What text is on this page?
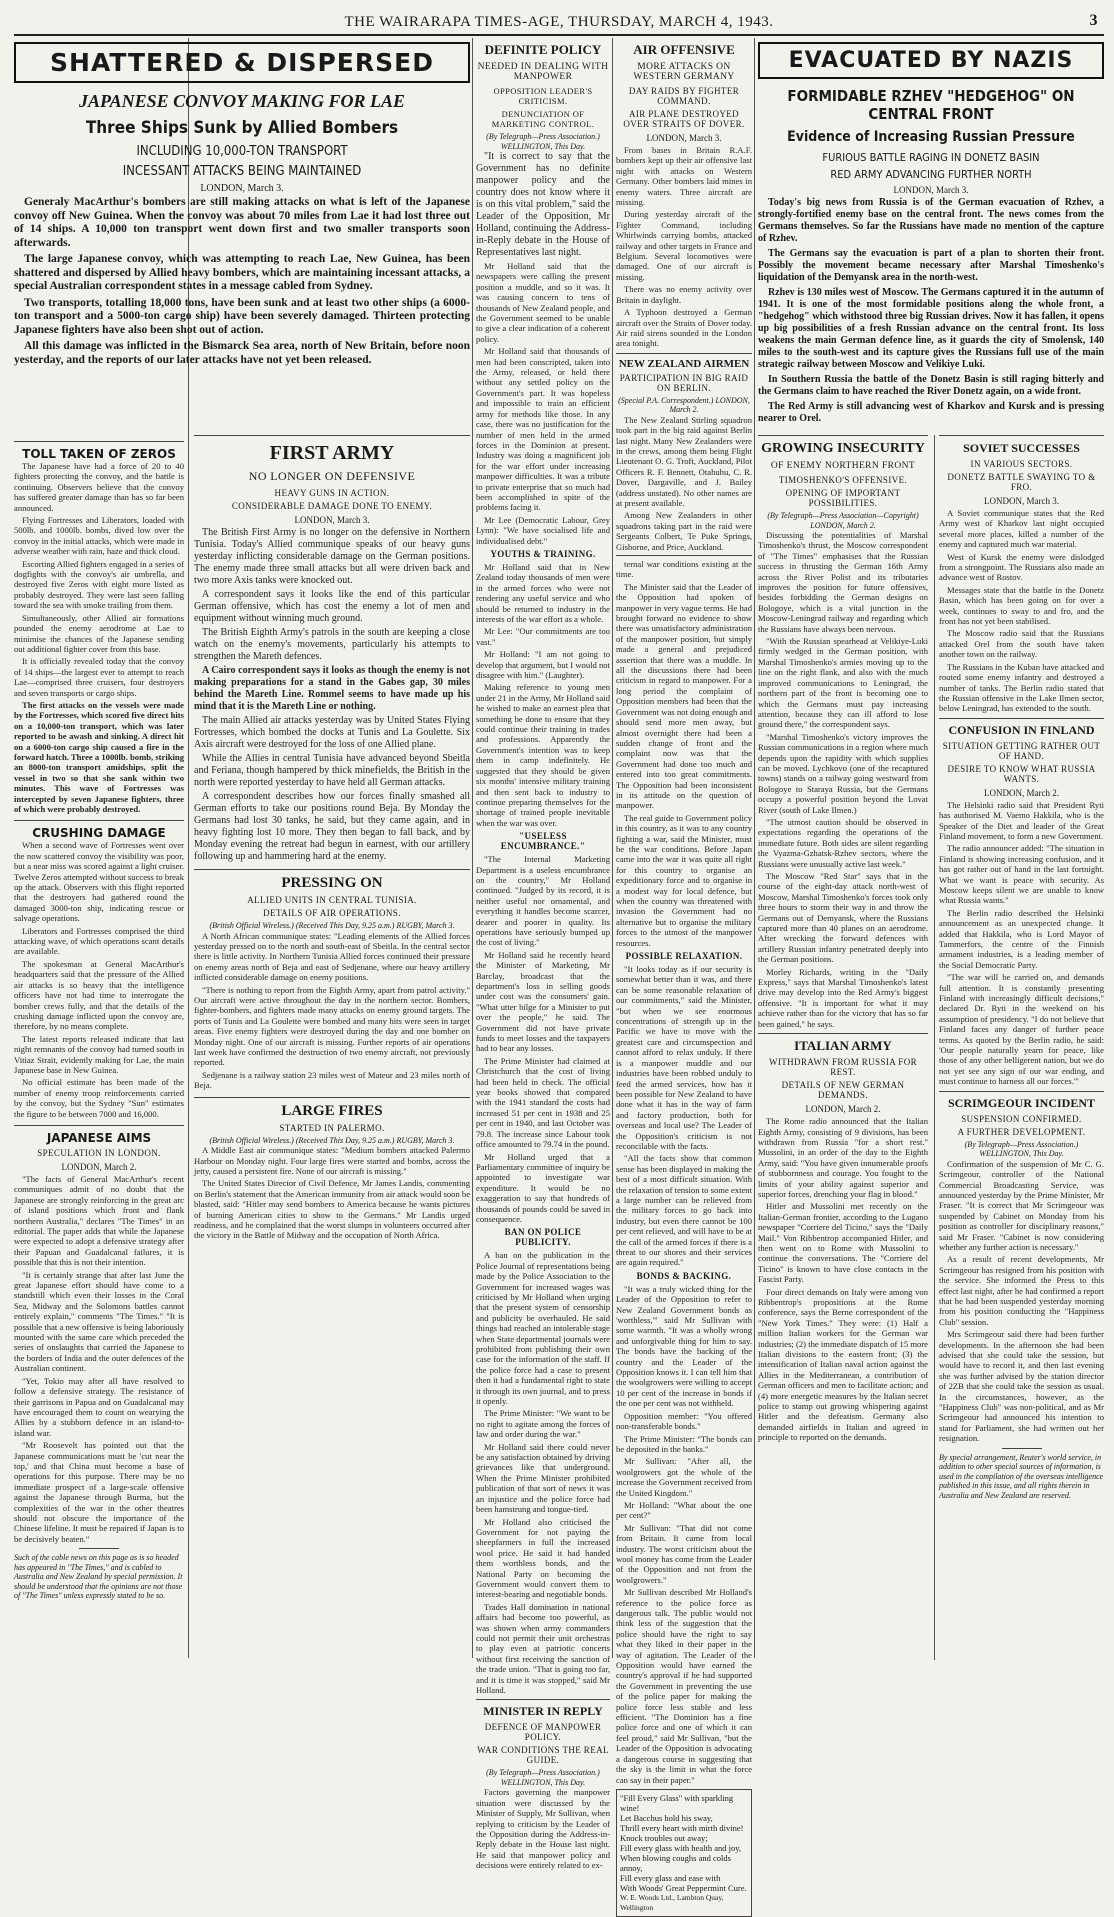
THE WAIRARAPA TIMES-AGE, THURSDAY, MARCH 4, 1943.	3
SHATTERED & DISPERSED
JAPANESE CONVOY MAKING FOR LAE
Three Ships Sunk by Allied Bombers
INCLUDING 10,000-TON TRANSPORT
INCESSANT ATTACKS BEING MAINTAINED
LONDON, March 3.

Generaly MacArthur's bombers are still making attacks on what is left of the Japanese convoy off New Guinea. When the convoy was about 70 miles from Lae it had lost three out of 14 ships. A 10,000 ton transport went down first and two smaller transports soon afterwards.

The large Japanese convoy, which was attempting to reach Lae, New Guinea, has been shattered and dispersed by Allied heavy bombers, which are maintaining incessant attacks, a special Australian correspondent states in a message cabled from Sydney.

Two transports, totalling 18,000 tons, have been sunk and at least two other ships (a 6000-ton transport and a 5000-ton cargo ship) have been severely damaged. Thirteen protecting Japanese fighters have also been shot out of action.

All this damage was inflicted in the Bismarck Sea area, north of New Britain, before noon yesterday, and the reports of our later attacks have not yet been released.

TOLL TAKEN OF ZEROS

The Japanese have had a force of 20 to 40 fighters protecting the convoy, and the battle is continuing. Observers believe that the convoy has suffered greater damage than has so far been announced.

Flying Fortresses and Liberators, loaded with 500lb. and 1000lb. bombs, dived low over the convoy in the initial attacks, which were made in adverse weather with rain, haze and thick cloud.

Escorting Allied fighters engaged in a series of dogfights with the convoy's air umbrella, and destroyed five Zeros with eight more listed as probably destroyed. They were last seen falling toward the sea with smoke trailing from them.

Simultaneously, other Allied air formations pounded the enemy aerodrome at Lae to minimise the chances of the Japanese sending out additional fighter cover from this base.

It is officially revealed today that the convoy of 14 ships—the largest ever to attempt to reach Lae—comprised three cruisers, four destroyers and seven transports or cargo ships.

The first attacks on the vessels were made by the Fortresses, which scored five direct hits on a 10,000-ton transport, which was later reported to be awash and sinking. A direct hit on a 6000-ton cargo ship caused a fire in the forward hatch. Three a 1000lb. bomb, striking an 8000-ton transport amidships, split the vessel in two so that she sank within two minutes. This wave of Fortresses was intercepted by seven Japanese fighters, three of which were probably destroyed.

CRUSHING DAMAGE

When a second wave of Fortresses went over the now scattered convoy the visibility was poor, but a near miss was scored against a light cruiser. Twelve Zeros attempted without success to break up the attack. Observers with this flight reported that the destroyers had gathered round the damaged 3000-ton ship, indicating rescue or salvage operations.

Liberators and Fortresses comprised the third attacking wave, of which operations scant details are available.

The spokesman at General MacArthur's headquarters said that the pressure of the Allied air attacks is so heavy that the intelligence officers have not had time to interrogate the bomber crews fully, and that the details of the crushing damage inflicted upon the convoy are, therefore, by no means complete.

The latest reports released indicate that last night remnants of the convoy had turned south in Vitiaz Strait, evidently making for Lae, the main Japanese base in New Guinea.

No official estimate has been made of the number of enemy troop reinforcements carried by the convoy, but the Sydney "Sun" estimates the figure to be between 7000 and 16,000.

JAPANESE AIMS
SPECULATION IN LONDON.
LONDON, March 2.

"The facts of General MacArthur's recent communiques admit of no doubt that the Japanese are strongly reinforcing in the great arc of island positions which front and flank northern Australia," declares "The Times" in an editorial. The paper adds that while the Japanese were expected to adopt a defensive strategy after their Papuan and Guadalcanal failures, it is possible that this is not their intention.

"It is certainly strange that after last June the great Japanese effort should have come to a standstill which even their losses in the Coral Sea, Midway and the Solomons battles cannot entirely explain," comments "The Times." "It is possible that a new offensive is being laboriously mounted with the same care which preceded the series of onslaughts that carried the Japanese to the borders of India and the outer defences of the Australian continent.

"Yet, Tokio may after all have resolved to follow a defensive strategy. The resistance of their garrisons in Papua and on Guadalcanal may have encouraged them to count on wearying the Allies by a stubborn defence in an island-to-island war.

"Mr Roosevelt has pointed out that the Japanese communications must be 'cut near the top,' and that China must become a base of operations for this purpose. There may be no immediate prospect of a large-scale offensive against the Japanese through Burma, but the complexities of the war in the other theatres should not obscure the importance of the Chinese lifeline. It must be repaired if Japan is to be decisively beaten."

Such of the cable news on this page as is so headed has appeared in "The Times," and is cabled to Australia and New Zealand by special permission. It should be understood that the opinions are not those of "The Times" unless expressly stated to be so.
FIRST ARMY
NO LONGER ON DEFENSIVE
HEAVY GUNS IN ACTION.
CONSIDERABLE DAMAGE DONE TO ENEMY.
LONDON, March 3.

The British First Army is no longer on the defensive in Northern Tunisia. Today's Allied communique speaks of our heavy guns yesterday inflicting considerable damage on the German positions. The enemy made three small attacks but all were driven back and two more Axis tanks were knocked out.

A correspondent says it looks like the end of this particular German offensive, which has cost the enemy a lot of men and equipment without winning much ground.

The British Eighth Army's patrols in the south are keeping a close watch on the enemy's movements, particularly his attempts to strengthen the Mareth defences.

A Cairo correspondent says it looks as though the enemy is not making preparations for a stand in the Gabes gap, 30 miles behind the Mareth Line. Rommel seems to have made up his mind that it is the Mareth Line or nothing.

The main Allied air attacks yesterday was by United States Flying Fortresses, which bombed the docks at Tunis and La Goulette. Six Axis aircraft were destroyed for the loss of one Allied plane.

While the Allies in central Tunisia have advanced beyond Sbeitla and Feriana, though hampered by thick minefields, the British in the north were reported yesterday to have held all German attacks.

A correspondent describes how our forces finally smashed all German efforts to take our positions round Beja. By Monday the Germans had lost 30 tanks, he said, but they came again, and in heavy fighting lost 10 more. They then began to fall back, and by Monday evening the retreat had begun in earnest, with our artillery following up and hammering hard at the enemy.

PRESSING ON
ALLIED UNITS IN CENTRAL TUNISIA.
DETAILS OF AIR OPERATIONS.
(British Official Wireless.) (Received This Day, 9.25 a.m.) RUGBY, March 3.

A North African communique states: "Leading elements of the Allied forces yesterday pressed on to the north and south-east of Sbeitla. In the central sector there is little activity. In Northern Tunisia Allied forces continued their pressure on enemy areas north of Beja and east of Sedjenane, where our heavy artillery inflicted considerable damage on enemy positions.

"There is nothing to report from the Eighth Army, apart from patrol activity." Our aircraft were active throughout the day in the northern sector. Bombers, fighter-bombers, and fighters made many attacks on enemy ground targets. The ports of Tunis and La Goulette were bombed and many hits were seen in target areas. Five enemy fighters were destroyed during the day and one bomber on Monday night. One of our aircraft is missing. Further reports of air operations last week have confirmed the destruction of two enemy aircraft, not previously reported.

Sedjenane is a railway station 23 miles west of Mateur and 23 miles north of Beja.

LARGE FIRES
STARTED IN PALERMO.
(British Official Wireless.) (Received This Day, 9.25 a.m.) RUGBY, March 3.

A Middle East air communique states: "Medium bombers attacked Palermo Harbour on Monday night. Four large fires were started and bombs, across the jetty, caused a persistent fire. None of our aircraft is missing."

The United States Director of Civil Defence, Mr James Landis, commenting on Berlin's statement that the American immunity from air attack would soon be blasted, said: "Hitler may send bombers to America because he wants pictures of burning American cities to show to the Germans." Mr Landis urged readiness, and he complained that the worst slumps in volunteers occurred after the victory in the Battle of Midway and the occupation of North Africa.

DEFINITE POLICY
NEEDED IN DEALING WITH MANPOWER
OPPOSITION LEADER'S CRITICISM.
DENUNCIATION OF MARKETING CONTROL.
(By Telegraph—Press Association.) WELLINGTON, This Day.

"It is correct to say that the Government has no definite manpower policy and the country does not know where it is on this vital problem," said the Leader of the Opposition, Mr Holland, continuing the Address-in-Reply debate in the House of Representatives last night.

Mr Holland said that the newspapers were calling the present position a muddle, and so it was. It was causing concern to tens of thousands of New Zealand people, and the Government seemed to be unable to give a clear indication of a coherent policy.

Mr Holland said that thousands of men had been conscripted, taken into the Army, released, or held there without any settled policy on the Government's part. It was hopeless and impossible to train an efficient army for methods like those. In any case, there was no justification for the number of men held in the armed forces in the Dominion at present. Industry was doing a magnificent job for the war effort under increasing manpower difficulties. It was a tribute to private enterprise that so much had been accomplished in spite of the problems facing it.

Mr Lee (Democratic Labour, Grey Lynn): "We have socialised life and individualised debt."

YOUTHS & TRAINING.

Mr Holland said that in New Zealand today thousands of men were in the armed forces who were not rendering any useful service and who should be returned to industry in the interests of the war effort as a whole.

Mr Lee: "Our commitments are too vast."

Mr Holland: "I am not going to develop that argument, but I would not disagree with him." (Laughter).

Making reference to young men under 21 in the Army, Mr Holland said he wished to make an earnest plea that something be done to ensure that they could continue their training in trades and professions. Apparently the Government's intention was to keep them in camp indefinitely. He suggested that they should be given six months' intensive military training and then sent back to industry to continue preparing themselves for the shortage of trained people inevitable when the war was over.

"USELESS ENCUMBRANCE."

"The Internal Marketing Department is a useless encumbrance on the country," Mr Holland continued. "Judged by its record, it is neither useful nor ornamental, and everything it handles become scarcer, dearer and poorer in quality. Its operations have seriously bumped up the cost of living."

Mr Holland said he recently heard the Minister of Marketing, Mr Barclay, broadcast that the department's loss in selling goods under cost was the consumers' gain. "What utter bilge for a Minister to put over the people," he said. The Government did not have private funds to meet losses and the taxpayers had to bear any losses.

The Prime Minister had claimed at Christchurch that the cost of living had been held in check. The official year books showed that compared with the 1941 standard the costs had increased 51 per cent in 1938 and 25 per cent in 1940, and last October was 79.8. The increase since Labour took office amounted to 79.74 in the pound.

Mr Holland urged that a Parliamentary committee of inquiry be appointed to investigate war expenditure. It would be no exaggeration to say that hundreds of thousands of pounds could be saved in consequence.

BAN ON POLICE PUBLICITY.

A ban on the publication in the Police Journal of representations being made by the Police Association to the Government for increased wages was criticised by Mr Holland when urging that the present system of censorship and publicity be overhauled. He said things had reached an intolerable stage when State departmental journals were prohibited from publishing their own case for the information of the staff. If the police force had a case to present then it had a fundamental right to state it through its own journal, and to press it openly.

The Prime Minister: "We want to be no right to agitate among the forces of law and order during the war."

Mr Holland said there could never be any satisfaction obtained by driving grievances like that underground. When the Prime Minister prohibited publication of that sort of news it was an injustice and the police force had been hamstrung and tongue-tied.

Mr Holland also criticised the Government for not paying the sheepfarmers in full the increased wool price. He said it had handed them worthless bonds, and the National Party on becoming the Government would convert them to interest-bearing and negotiable bonds.

Trades Hall domination in national affairs had become too powerful, as was shown when army commanders could not permit their unit orchestras to play even at patriotic concerts without first receiving the sanction of the trade union. "That is going too far, and it is time it was stopped," said Mr Holland.

MINISTER IN REPLY
DEFENCE OF MANPOWER POLICY.
WAR CONDITIONS THE REAL GUIDE.
(By Telegraph—Press Association.) WELLINGTON, This Day.

Factors governing the manpower situation were discussed by the Minister of Supply, Mr Sullivan, when replying to criticism by the Leader of the Opposition during the Address-in-Reply debate in the House last night. He said that manpower policy and decisions were entirely related to ex-

AIR OFFENSIVE
MORE ATTACKS ON WESTERN GERMANY
DAY RAIDS BY FIGHTER COMMAND.
AIR PLANE DESTROYED OVER STRAITS OF DOVER.
LONDON, March 3.

From bases in Britain R.A.F. bombers kept up their air offensive last night with attacks on Western Germany. Other bombers laid mines in enemy waters. Three aircraft are missing.

During yesterday aircraft of the Fighter Command, including Whirlwinds carrying bombs, attacked railway and other targets in France and Belgium. Several locomotives were damaged. One of our aircraft is missing.

There was no enemy activity over Britain in daylight.

A Typhoon destroyed a German aircraft over the Straits of Dover today. Air raid sirens sounded in the London area tonight.

NEW ZEALAND AIRMEN
PARTICIPATION IN BIG RAID ON BERLIN.
(Special P.A. Correspondent.) LONDON, March 2.

The New Zealand Stirling squadron took part in the big raid against Berlin last night. Many New Zealanders were in the crews, among them being Flight Lieutenant O. G. Troft, Auckland, Pilot Officers R. F. Bennett, Otahuhu, C. R. Dover, Dargaville, and J. Bailey (address unstated). No other names are at present available.

Among New Zealanders in other squadrons taking part in the raid were Sergeants Colbert, Te Puke Springs, Gisborne, and Price, Auckland.

ternal war conditions existing at the time.

The Minister said that the Leader of the Opposition had spoken of manpower in very vague terms. He had brought forward no evidence to show there was unsatisfactory administration of the manpower position, but simply made a general and prejudiced assertion that there was a muddle. In all the discussions there had been criticism in regard to manpower. For a long period the complaint of Opposition members had been that the Government was not doing enough and should send more men away, but almost overnight there had been a sudden change of front and the complaint now was that the Government had done too much and entered into too great commitments. The Opposition had been inconsistent in its attitude on the question of manpower.

The real guide to Government policy in this country, as it was to any country fighting a war, said the Minister, must be the war conditions. Before Japan came into the war it was quite all right for this country to organise an expeditionary force and to organise in a modest way for local defence, but when the country was threatened with invasion the Government had no alternative but to organise the military forces to the utmost of the manpower resources.

POSSIBLE RELAXATION.

"It looks today as if our security is somewhat better than it was, and there can be some reasonable relaxation of our commitments," said the Minister, "but when we see enormous concentrations of strength up in the Pacific we have to move with the greatest care and circumspection and cannot afford to relax unduly. If there is a manpower muddle and our industries have been robbed unduly to feed the armed services, how has it been possible for New Zealand to have done what it has in the way of farm and factory production, both for overseas and local use? The Leader of the Opposition's criticism is not reconcilable with the facts.

"All the facts show that common sense has been displayed in making the best of a most difficult situation. With the relaxation of tension to some extent a large number can be relieved from the military forces to go back into industry, but even there cannot be 100 per cent relieved, and will have to be at the call of the armed forces if there is a threat to our shores and their services are again required."

BONDS & BACKING.

"It was a truly wicked thing for the Leader of the Opposition to refer to New Zealand Government bonds as 'worthless,'" said Mr Sullivan with some warmth. "It was a wholly wrong and unforgivable thing for him to say. The bonds have the backing of the country and the Leader of the Opposition knows it. I can tell him that the woolgrowers were willing to accept 10 per cent of the increase in bonds if the one per cent was not withheld.

Opposition member: "You offered non-transferable bonds."

The Prime Minister: "The bonds can be deposited in the banks."

Mr Sullivan: "After all, the woolgrowers got the whole of the increase the Government received from the United Kingdom."

Mr Holland: "What about the one per cent?"

Mr Sullivan: "That did not come from Britain. It came from local industry. The worst criticism about the wool money has come from the Leader of the Opposition and not from the woolgrowers."

Mr Sullivan described Mr Holland's reference to the police force as dangerous talk. The public would not think less of the suggestion that the police should have the right to say what they liked in their paper in the way of agitation. The Leader of the Opposition would have earned the country's approval if he had supported the Government in preventing the use of the police paper for making the police force less stable and less efficient. "The Dominion has a fine police force and one of which it can feel proud," said Mr Sullivan, "but the Leader of the Opposition is advocating a dangerous course in suggesting that the sky is the limit in what the force can say in their paper."

"Fill Every Glass" with sparkling wine!
Let Bacchus hold his sway,
Thrill every heart with mirth divine!
Knock troubles out away;
Fill every glass with health and joy,
When blowing coughs and colds annoy,
Fill every glass and ease with
With Woods' Great Peppermint Cure.
W. E. Woods Ltd., Lambton Quay, Wellington
EVACUATED BY NAZIS
FORMIDABLE RZHEV "HEDGEHOG" ON CENTRAL FRONT
Evidence of Increasing Russian Pressure
FURIOUS BATTLE RAGING IN DONETZ BASIN
RED ARMY ADVANCING FURTHER NORTH
LONDON, March 3.

Today's big news from Russia is of the German evacuation of Rzhev, a strongly-fortified enemy base on the central front. The news comes from the Germans themselves. So far the Russians have made no mention of the capture of Rzhev.

The Germans say the evacuation is part of a plan to shorten their front. Possibly the movement became necessary after Marshal Timoshenko's liquidation of the Demyansk area in the north-west.

Rzhev is 130 miles west of Moscow. The Germans captured it in the autumn of 1941. It is one of the most formidable positions along the whole front, a "hedgehog" which withstood three big Russian drives. Now it has fallen, it opens up big possibilities of a fresh Russian advance on the central front. Its loss weakens the main German defence line, as it guards the city of Smolensk, 140 miles to the south-west and its capture gives the Russians full use of the main strategic railway between Moscow and Velikiye Luki.

In Southern Russia the battle of the Donetz Basin is still raging bitterly and the Germans claim to have reached the River Donetz again, on a wide front.

The Red Army is still advancing west of Kharkov and Kursk and is pressing nearer to Orel.

GROWING INSECURITY
OF ENEMY NORTHERN FRONT
TIMOSHENKO'S OFFENSIVE.
OPENING OF IMPORTANT POSSIBILITIES.
(By Telegraph—Press Association—Copyright) LONDON, March 2.

Discussing the potentialities of Marshal Timoshenko's thrust, the Moscow correspondent of "The Times" emphasises that the Russian success in thrusting the German 16th Army across the River Polist and its tributaries improves the position for future offensives, besides forbidding the German designs on Bologoye, which is a vital junction in the Moscow-Leningrad railway and regarding which the Russians have always been nervous.

"With the Russian spearhead at Velikiye-Luki firmly wedged in the German position, with Marshal Timoshenko's armies moving up to the line on the right flank, and also with the much improved communications to Leningrad, the northern part of the front is becoming one to which the Germans must pay increasing attention, because they can ill afford to lose ground there," the correspondent says.

"Marshal Timoshenko's victory improves the Russian communications in a region where much depends upon the rapidity with which supplies can be moved. Lychkovo (one of the recaptured towns) stands on a railway going westward from Bologoye to Staraya Russia, but the Germans occupy a powerful position beyond the Lovat River (south of Lake Ilmen.)

"The utmost caution should be observed in expectations regarding the operations of the immediate future. Both sides are silent regarding the Vyazma-Gzhatsk-Rzhev sectors, where the Russians were unusually active last week."

The Moscow "Red Star" says that in the course of the eight-day attack north-west of Moscow, Marshal Timoshenko's forces took only three hours to storm their way in and throw the Germans out of Demyansk, where the Russians captured more than 40 planes on an aerodrome. After wrecking the forward defences with artillery Russian infantry penetrated deeply into the German positions.

Morley Richards, writing in the "Daily Express," says that Marshal Timoshenko's latest drive may develop into the Red Army's biggest offensive. "It is important for what it may achieve rather than for the victory that has so far been gained," he says.

ITALIAN ARMY
WITHDRAWN FROM RUSSIA FOR REST.
DETAILS OF NEW GERMAN DEMANDS.
LONDON, March 2.

The Rome radio announced that the Italian Eighth Army, consisting of 9 divisions, has been withdrawn from Russia "for a short rest." Mussolini, in an order of the day to the Eighth Army, said: "You have given innumerable proofs of stubbornness and courage. You fought to the limits of your ability against superior and superior forces, drenching your flag in blood."

Hitler and Mussolini met recently on the Italian-German frontier, according to the Lugano newspaper "Corriere del Ticino," says the "Daily Mail." Von Ribbentrop accompanied Hitler, and then went on to Rome with Mussolini to continue the conversations. The "Corriere del Ticino" is known to have close contacts in the Fascist Party.

Four direct demands on Italy were among von Ribbentrop's propositions at the Rome conference, says the Berne correspondent of the "New York Times." They were: (1) Half a million Italian workers for the German war industries; (2) the immediate dispatch of 15 more Italian divisions to the eastern front; (3) the intensification of Italian naval action against the Allies in the Mediterranean, a contribution of German officers and men to facilitate action; and (4) more energetic measures by the Italian secret police to stamp out growing whispering against Hitler and the defeatism. Germany also demanded airfields in Italian and agreed in principle to reported on the demands.

SOVIET SUCCESSES
IN VARIOUS SECTORS.
DONETZ BATTLE SWAYING TO & FRO.
LONDON, March 3.

A Soviet communique states that the Red Army west of Kharkov last night occupied several more places, killed a number of the enemy and captured much war material.

West of Kursk the enemy were dislodged from a strongpoint. The Russians also made an advance west of Rostov.

Messages state that the battle in the Donetz Basin, which has been going on for over a week, continues to sway to and fro, and the front has not yet been stabilised.

The Moscow radio said that the Russians attacked Orel from the south have taken another town on the railway.

The Russians in the Kuban have attacked and routed some enemy infantry and destroyed a number of tanks. The Berlin radio stated that the Russian offensive in the Lake Ilmen sector, below Leningrad, has extended to the south.

CONFUSION IN FINLAND
SITUATION GETTING RATHER OUT OF HAND.
DESIRE TO KNOW WHAT RUSSIA WANTS.
LONDON, March 2.

The Helsinki radio said that President Ryti has authorised M. Vaemo Hakkila, who is the Speaker of the Diet and leader of the Great Finland movement, to form a new Government.

The radio announcer added: "The situation in Finland is showing increasing confusion, and it has got rather out of hand in the last fortnight. What we want is peace with security. As Moscow keeps silent we are unable to know what Russia wants."

The Berlin radio described the Helsinki announcement as an unexpected change. It added that Hakkila, who is Lord Mayor of Tammerfors, the centre of the Finnish armament industries, is a leading member of the Social Democratic Party.

"The war will be carried on, and demands full attention. It is constantly presenting Finland with increasingly difficult decisions," declared Dr. Ryti in the weekend on his assumption of presidency. "I do not believe that Finland faces any danger of further peace terms. As quoted by the Berlin radio, he said: 'Our people naturally yearn for peace, like those of any other belligerent nation, but we do not yet see any sign of our war ending, and must continue to harness all our forces.'"

SCRIMGEOUR INCIDENT
SUSPENSION CONFIRMED.
A FURTHER DEVELOPMENT.
(By Telegraph—Press Association.) WELLINGTON, This Day.

Confirmation of the suspension of Mr C. G. Scrimgeour, controller of the National Commercial Broadcasting Service, was announced yesterday by the Prime Minister, Mr Fraser. "It is correct that Mr Scrimgeour was suspended by Cabinet on Monday from his position as controller for disciplinary reasons," said Mr Fraser. "Cabinet is now considering whether any further action is necessary."

As a result of recent developments, Mr Scrimgeour has resigned from his position with the service. She informed the Press to this effect last night, after he had confirmed a report that he had been suspended yesterday morning from his position conducting the "Happiness Club" session.

Mrs Scrimgeour said there had been further developments. In the afternoon she had been advised that she could take the session, but would have to record it, and then last evening she was further advised by the station director of 2ZB that she could take the session as usual. In the circumstances, however, as the "Happiness Club" was non-political, and as Mr Scrimgeour had announced his intention to stand for Parliament, she had written out her resignation.

By special arrangement, Reuter's world service, in addition to other special sources of information, is used in the compilation of the overseas intelligence published in this issue, and all rights therein in Australia and New Zealand are reserved.
